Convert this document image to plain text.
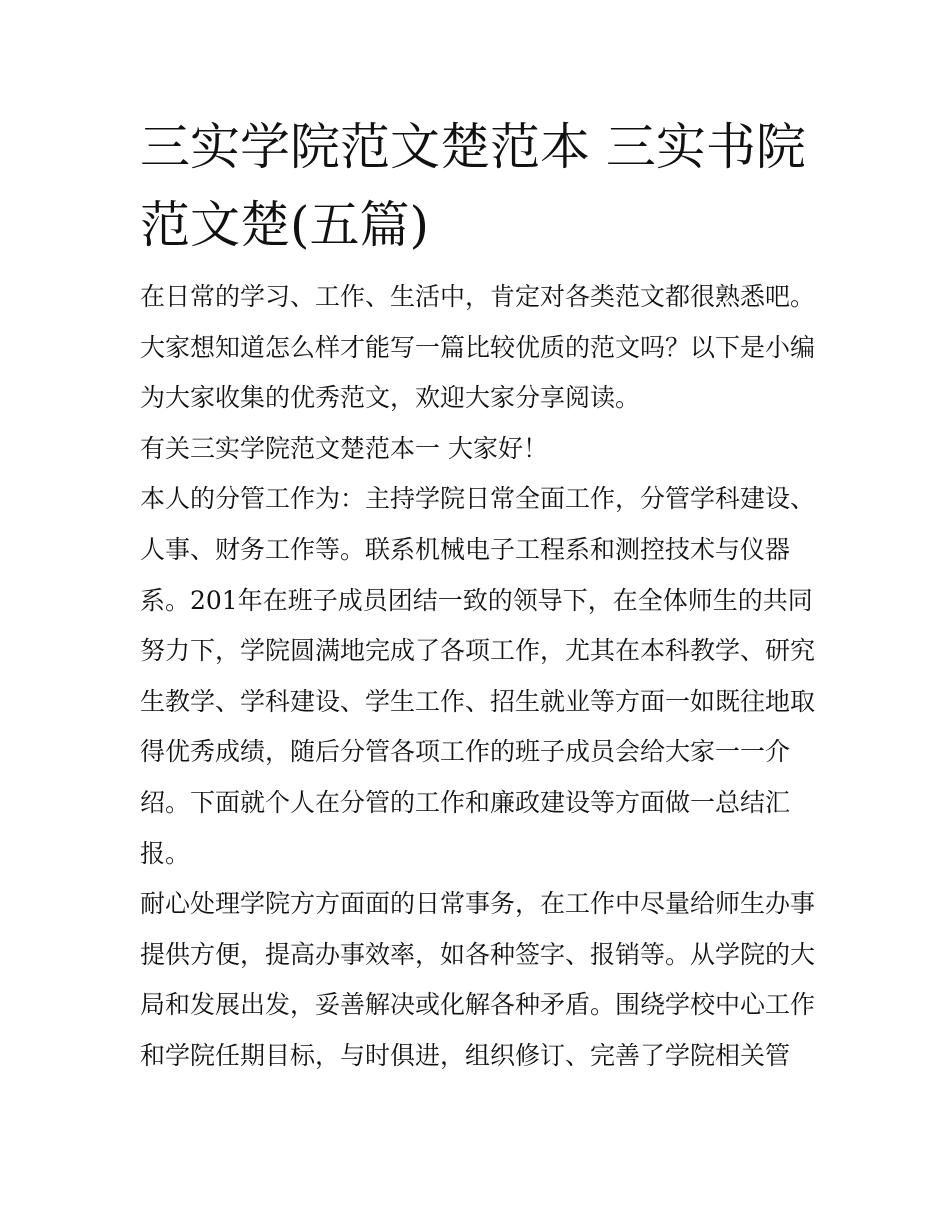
三实学院范文楚范本 三实书院范文楚(五篇)

在日常的学习、工作、生活中，肯定对各类范文都很熟悉吧。大家想知道怎么样才能写一篇比较优质的范文吗？以下是小编为大家收集的优秀范文，欢迎大家分享阅读。

有关三实学院范文楚范本一 大家好！

本人的分管工作为：主持学院日常全面工作，分管学科建设、人事、财务工作等。联系机械电子工程系和测控技术与仪器系。201年在班子成员团结一致的领导下，在全体师生的共同努力下，学院圆满地完成了各项工作，尤其在本科教学、研究生教学、学科建设、学生工作、招生就业等方面一如既往地取得优秀成绩，随后分管各项工作的班子成员会给大家一一介绍。下面就个人在分管的工作和廉政建设等方面做一总结汇报。

耐心处理学院方方面面的日常事务，在工作中尽量给师生办事提供方便，提高办事效率，如各种签字、报销等。从学院的大局和发展出发，妥善解决或化解各种矛盾。围绕学校中心工作和学院任期目标，与时俱进，组织修订、完善了学院相关管
